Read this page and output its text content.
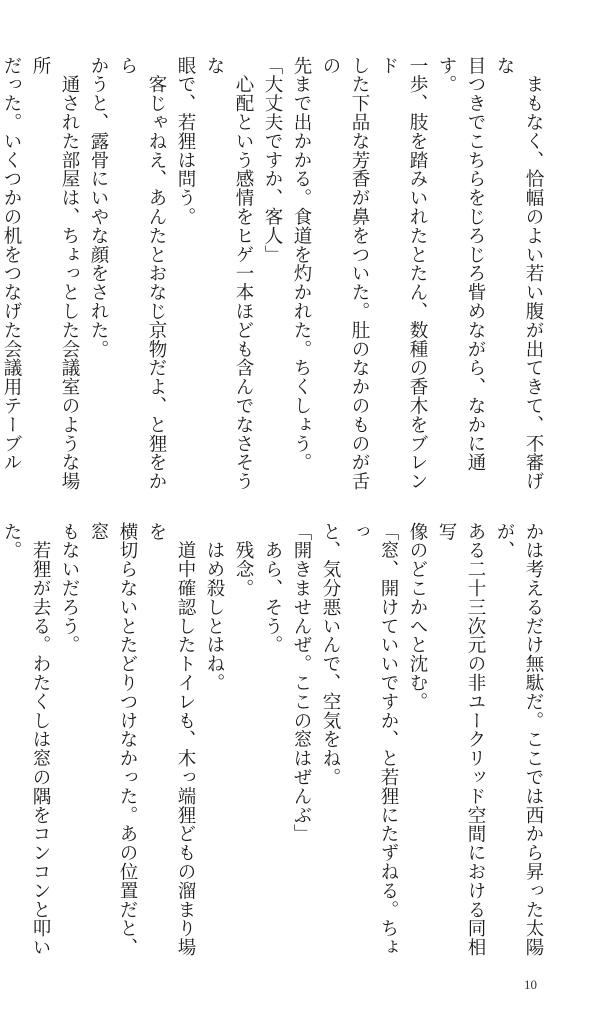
　まもなく、恰幅のよい若い腹が出てきて、不審げな
目つきでこちらをじろじろ眥めながら、なかに通す。
一歩、肢を踏みいれたとたん、数種の香木をブレンド
した下品な芳香が鼻をついた。肚のなかのものが舌の
先まで出かかる。食道を灼かれた。ちくしょう。
「大丈夫ですか、客人」
　心配という感情をヒゲ一本ほども含んでなさそうな
眼で、若狸は問う。
　客じゃねえ、あんたとおなじ京物だよ、と狸をから
かうと、露骨にいやな顔をされた。
　通された部屋は、ちょっとした会議室のような場所
だった。いくつかの机をつなげた会議用テーブル
かは考えるだけ無駄だ。ここでは西から昇った太陽が、
ある二十三次元の非ユークリッド空間における同相写
像のどこかへと沈む。
「窓、開けていいですか、と若狸にたずねる。ちょっ
と、気分悪いんで、空気をね。
「開きませんぜ。ここの窓はぜんぶ」
　あら、そう。
　残念。
　はめ殺しとはね。
　道中確認したトイレも、木っ端狸どもの溜まり場を
横切らないとたどりつけなかった。あの位置だと、窓
もないだろう。
　若狸が去る。わたくしは窓の隅をコンコンと叩いた。
10
